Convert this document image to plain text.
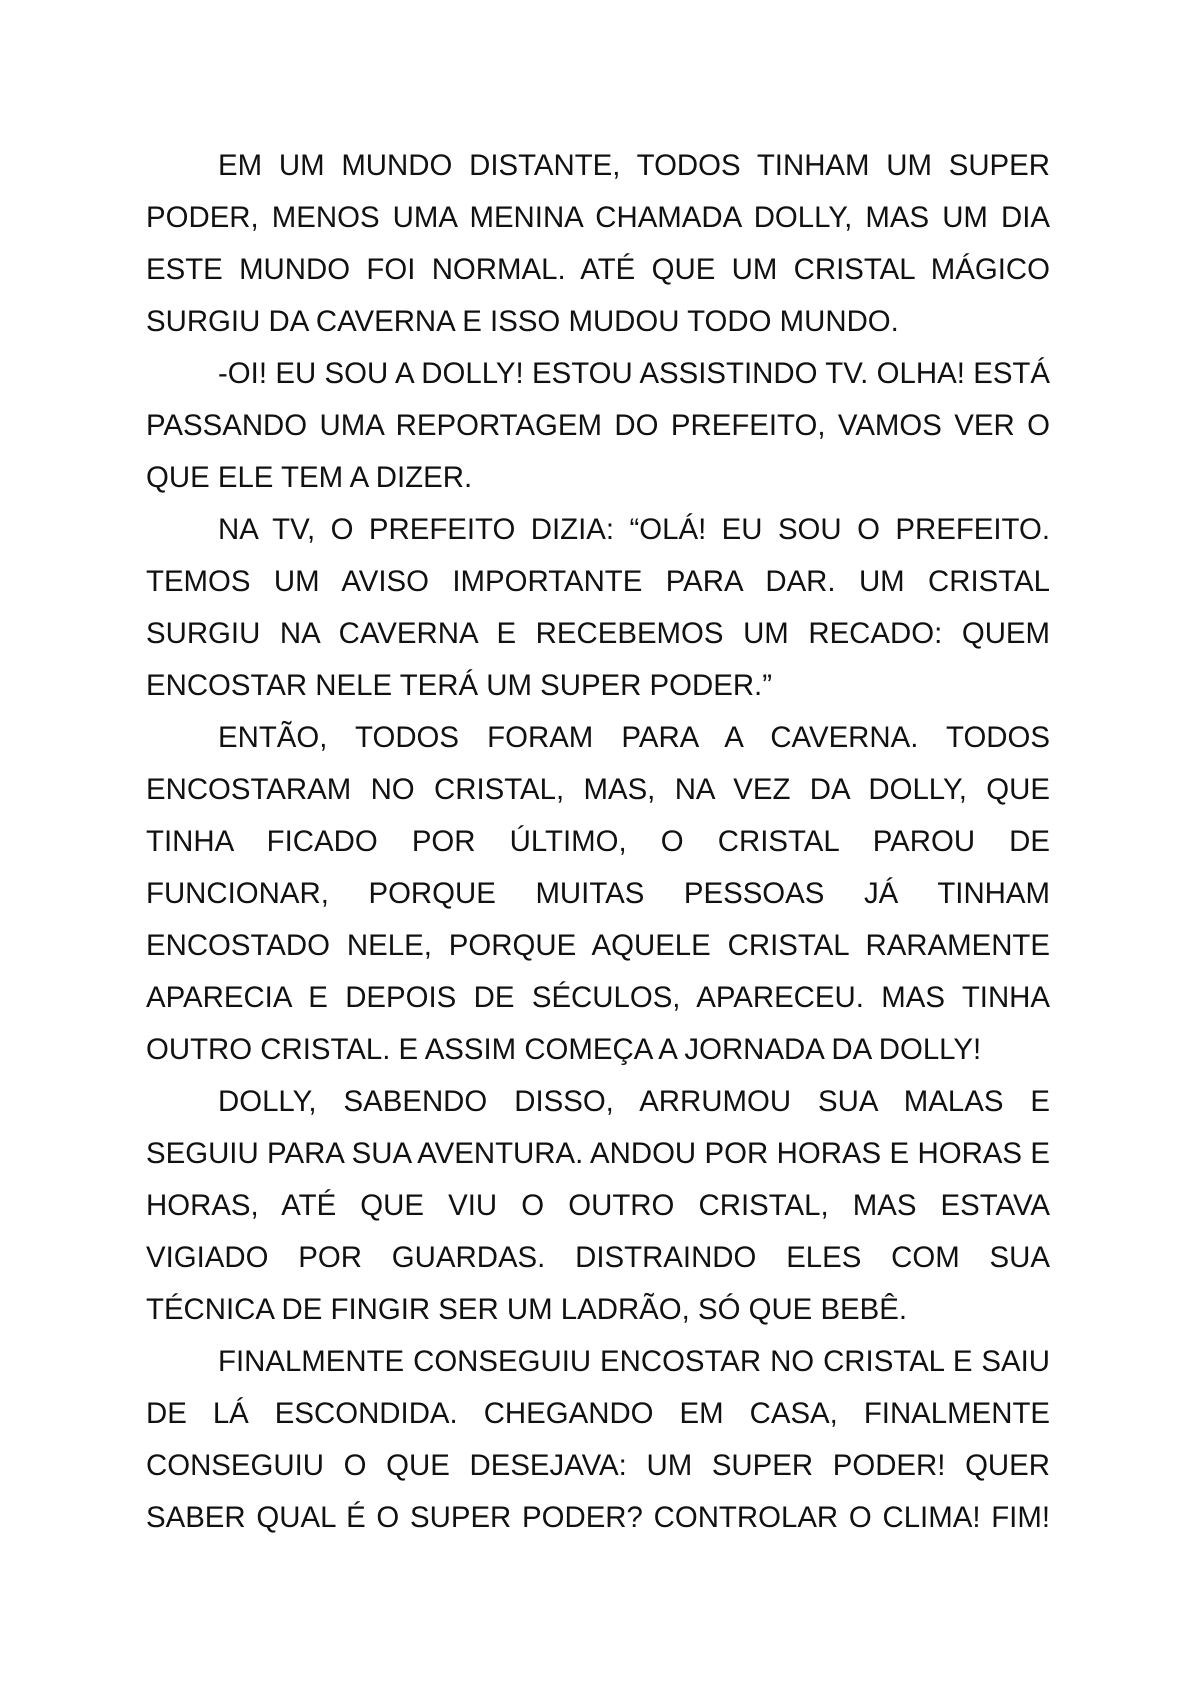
EM UM MUNDO DISTANTE, TODOS TINHAM UM SUPER PODER, MENOS UMA MENINA CHAMADA DOLLY, MAS UM DIA ESTE MUNDO FOI NORMAL. ATÉ QUE UM CRISTAL MÁGICO SURGIU DA CAVERNA E ISSO MUDOU TODO MUNDO.

-OI! EU SOU A DOLLY! ESTOU ASSISTINDO TV. OLHA! ESTÁ PASSANDO UMA REPORTAGEM DO PREFEITO, VAMOS VER O QUE ELE TEM A DIZER.

NA TV, O PREFEITO DIZIA: “OLÁ! EU SOU O PREFEITO. TEMOS UM AVISO IMPORTANTE PARA DAR. UM CRISTAL SURGIU NA CAVERNA E RECEBEMOS UM RECADO: QUEM ENCOSTAR NELE TERÁ UM SUPER PODER.”

ENTÃO, TODOS FORAM PARA A CAVERNA. TODOS ENCOSTARAM NO CRISTAL, MAS, NA VEZ DA DOLLY, QUE TINHA FICADO POR ÚLTIMO, O CRISTAL PAROU DE FUNCIONAR, PORQUE MUITAS PESSOAS JÁ TINHAM ENCOSTADO NELE, PORQUE AQUELE CRISTAL RARAMENTE APARECIA E DEPOIS DE SÉCULOS, APARECEU. MAS TINHA OUTRO CRISTAL. E ASSIM COMEÇA A JORNADA DA DOLLY!

DOLLY, SABENDO DISSO, ARRUMOU SUA MALAS E SEGUIU PARA SUA AVENTURA. ANDOU POR HORAS E HORAS E HORAS, ATÉ QUE VIU O OUTRO CRISTAL, MAS ESTAVA VIGIADO POR GUARDAS. DISTRAINDO ELES COM SUA TÉCNICA DE FINGIR SER UM LADRÃO, SÓ QUE BEBÊ.

FINALMENTE CONSEGUIU ENCOSTAR NO CRISTAL E SAIU DE LÁ ESCONDIDA. CHEGANDO EM CASA, FINALMENTE CONSEGUIU O QUE DESEJAVA: UM SUPER PODER! QUER SABER QUAL É O SUPER PODER? CONTROLAR O CLIMA! FIM!
